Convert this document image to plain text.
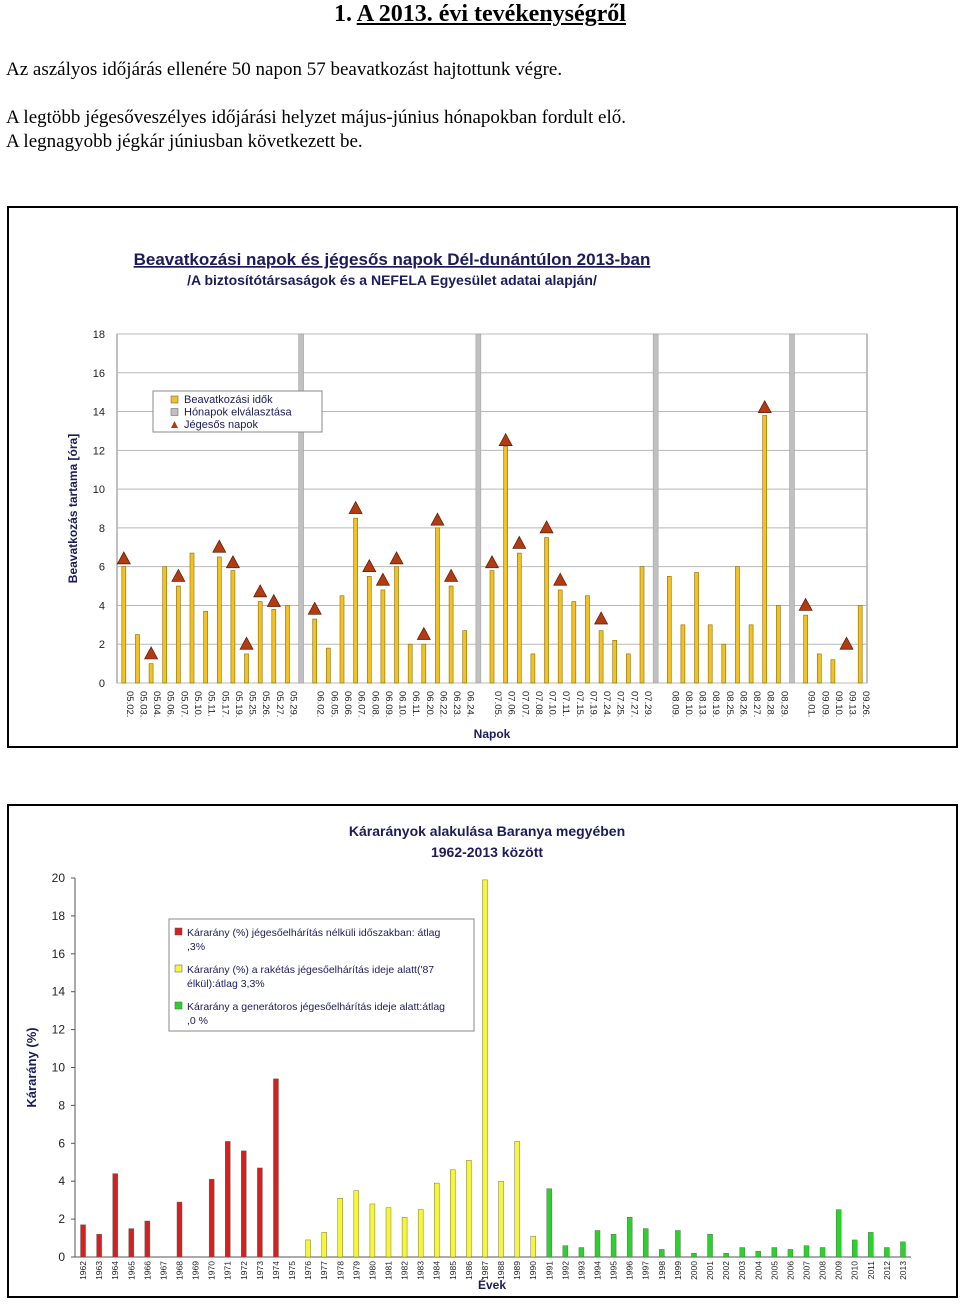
1. A 2013. évi tevékenységről
Az aszályos időjárás ellenére 50 napon 57 beavatkozást hajtottunk végre.
A legtöbb jégesőveszélyes időjárási helyzet május-június hónapokban fordult elő.
A legnagyobb jégkár júniusban következett be.
Beavatkozási napok és jégesős napok Dél-dunántúlon 2013-ban
/A biztosítótársaságok és a NEFELA Egyesület adatai alapján/
0
2
4
6
8
10
12
14
16
18
Beavatkozás tartama [óra]
05.02. 05.03. 05.04. 05.06. 05.07. 05.10. 05.11. 05.17. 05.19. 05.25. 05.26. 05.27. 05.29. 06.02. 06.05. 06.06. 06.07. 06.08. 06.09. 06.10. 06.11. 06.20. 06.22. 06.23. 06.24. 07.05. 07.06. 07.07. 07.08. 07.10. 07.11. 07.15. 07.19. 07.24. 07.25. 07.27. 07.29. 08.09. 08.10. 08.13. 08.19. 08.25. 08.26. 08.27. 08.28. 08.29. 09.01. 09.09. 09.10. 09.13. 09.26.
Napok
Beavatkozási idők
Hónapok elválasztása
Jégesős napok
Kárarányok alakulása Baranya megyében
1962-2013 között
0
2
4
6
8
10
12
14
16
18
20
Kárarány (%)
1962 1963 1964 1965 1966 1967 1968 1969 1970 1971 1972 1973 1974 1975 1976 1977 1978 1979 1980 1981 1982 1983 1984 1985 1986 1987 1988 1989 1990 1991 1992 1993 1994 1995 1996 1997 1998 1999 2000 2001 2002 2003 2004 2005 2006 2007 2008 2009 2010 2011 2012 2013
Évek
Kárarány (%) jégesőelhárítás nélküli időszakban: átlag
,3%
Kárarány (%) a rakétás jégesőelhárítás ideje alatt('87
élkül):átlag 3,3%
Kárarány a generátoros jégesőelhárítás ideje alatt:átlag
,0 %
